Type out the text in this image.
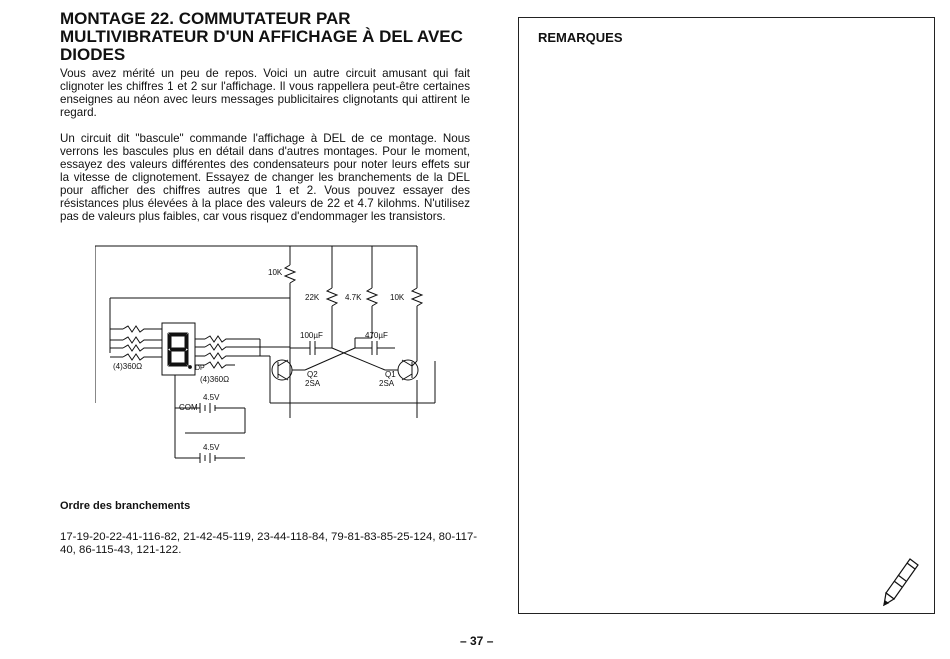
MONTAGE 22. COMMUTATEUR PAR MULTIVIBRATEUR D'UN AFFICHAGE À DEL AVEC DIODES

Vous avez mérité un peu de repos. Voici un autre circuit amusant qui fait clignoter les chiffres 1 et 2 sur l'affichage. Il vous rappellera peut-être certaines enseignes au néon avec leurs messages publicitaires clignotants qui attirent le regard.

Un circuit dit "bascule" commande l'affichage à DEL de ce montage. Nous verrons les bascules plus en détail dans d'autres montages. Pour le moment, essayez des valeurs différentes des condensateurs pour noter leurs effets sur la vitesse de clignotement. Essayez de changer les branchements de la DEL pour afficher des chiffres autres que 1 et 2. Vous pouvez essayer des résistances plus élevées à la place des valeurs de 22 et 4.7 kilohms. N'utilisez pas de valeurs plus faibles, car vous risquez d'endommager les transistors.

10K
22K	4.7K	10K
100µF	470µF
Q2
2SA
Q1
2SA
(4)360Ω
(4)360Ω
DP
COM
4.5V
4.5V

Ordre des branchements

17-19-20-22-41-116-82, 21-42-45-119, 23-44-118-84, 79-81-83-85-25-124, 80-117-40, 86-115-43, 121-122.

REMARQUES

– 37 –
